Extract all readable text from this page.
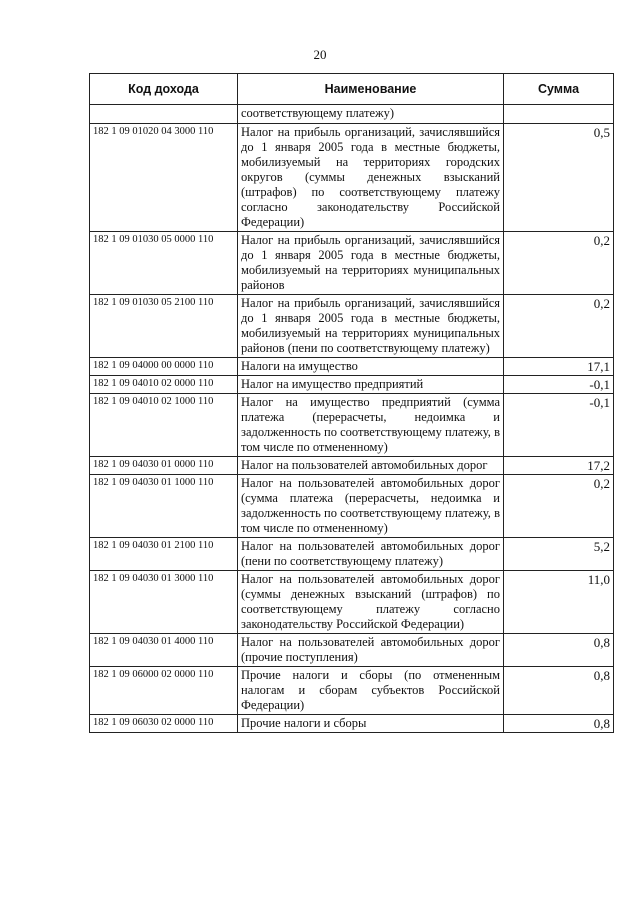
20
Код дохода	Наименование	Сумма
	соответствующему платежу)	
182 1 09 01020 04 3000 110	Налог на прибыль организаций, зачислявшийся до 1 января 2005 года в местные бюджеты, мобилизуемый на территориях городских округов (суммы денежных взысканий (штрафов) по соответствующему платежу согласно законодательству Российской Федерации)	0,5
182 1 09 01030 05 0000 110	Налог на прибыль организаций, зачислявшийся до 1 января 2005 года в местные бюджеты, мобилизуемый на территориях муниципальных районов	0,2
182 1 09 01030 05 2100 110	Налог на прибыль организаций, зачислявшийся до 1 января 2005 года в местные бюджеты, мобилизуемый на территориях муниципальных районов (пени по соответствующему платежу)	0,2
182 1 09 04000 00 0000 110	Налоги на имущество	17,1
182 1 09 04010 02 0000 110	Налог на имущество предприятий	-0,1
182 1 09 04010 02 1000 110	Налог на имущество предприятий (сумма платежа (перерасчеты, недоимка и задолженность по соответствующему платежу, в том числе по отмененному)	-0,1
182 1 09 04030 01 0000 110	Налог на пользователей автомобильных дорог	17,2
182 1 09 04030 01 1000 110	Налог на пользователей автомобильных дорог (сумма платежа (перерасчеты, недоимка и задолженность по соответствующему платежу, в том числе по отмененному)	0,2
182 1 09 04030 01 2100 110	Налог на пользователей автомобильных дорог (пени по соответствующему платежу)	5,2
182 1 09 04030 01 3000 110	Налог на пользователей автомобильных дорог (суммы денежных взысканий (штрафов) по соответствующему платежу согласно законодательству Российской Федерации)	11,0
182 1 09 04030 01 4000 110	Налог на пользователей автомобильных дорог (прочие поступления)	0,8
182 1 09 06000 02 0000 110	Прочие налоги и сборы (по отмененным налогам и сборам субъектов Российской Федерации)	0,8
182 1 09 06030 02 0000 110	Прочие налоги и сборы	0,8
